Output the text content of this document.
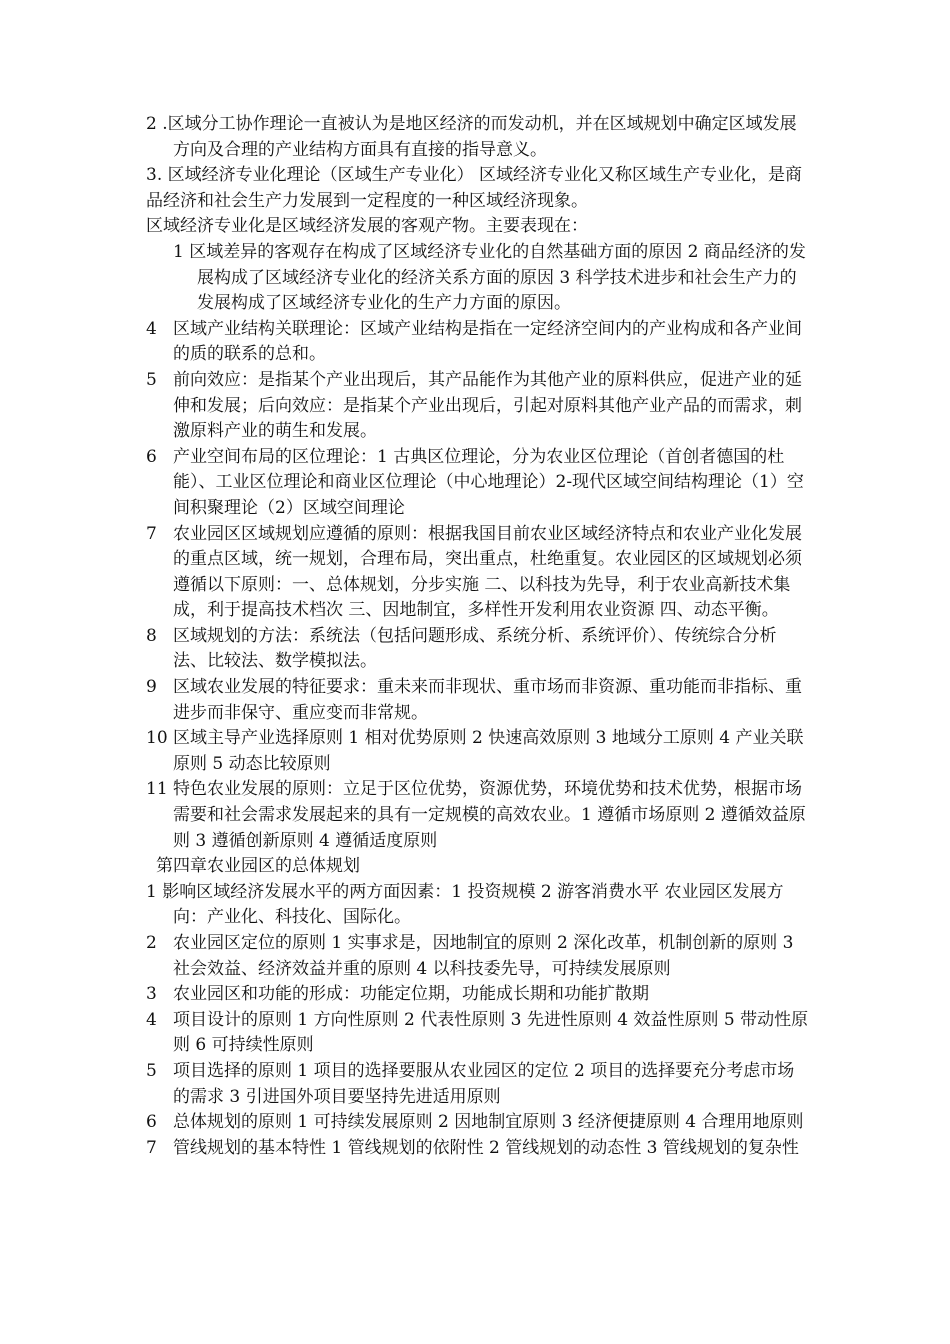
2 .区域分工协作理论一直被认为是地区经济的而发动机，并在区域规划中确定区域发展方向及合理的产业结构方面具有直接的指导意义。
3. 区域经济专业化理论（区域生产专业化） 区域经济专业化又称区域生产专业化，是商品经济和社会生产力发展到一定程度的一种区域经济现象。
区域经济专业化是区域经济发展的客观产物。主要表现在：
1 区域差异的客观存在构成了区域经济专业化的自然基础方面的原因 2 商品经济的发展构成了区域经济专业化的经济关系方面的原因 3 科学技术进步和社会生产力的发展构成了区域经济专业化的生产力方面的原因。
4 区域产业结构关联理论：区域产业结构是指在一定经济空间内的产业构成和各产业间的质的联系的总和。
5 前向效应：是指某个产业出现后，其产品能作为其他产业的原料供应，促进产业的延伸和发展；后向效应：是指某个产业出现后，引起对原料其他产业产品的而需求，刺激原料产业的萌生和发展。
6 产业空间布局的区位理论：1 古典区位理论，分为农业区位理论（首创者德国的杜能）、工业区位理论和商业区位理论（中心地理论）2-现代区域空间结构理论（1）空间积聚理论（2）区域空间理论
7 农业园区区域规划应遵循的原则：根据我国目前农业区域经济特点和农业产业化发展的重点区域，统一规划，合理布局，突出重点，杜绝重复。农业园区的区域规划必须遵循以下原则：一、总体规划，分步实施 二、以科技为先导，利于农业高新技术集成，利于提高技术档次 三、因地制宜，多样性开发利用农业资源 四、动态平衡。
8 区域规划的方法：系统法（包括问题形成、系统分析、系统评价）、传统综合分析法、比较法、数学模拟法。
9 区域农业发展的特征要求：重未来而非现状、重市场而非资源、重功能而非指标、重进步而非保守、重应变而非常规。
10 区域主导产业选择原则 1 相对优势原则 2 快速高效原则 3 地域分工原则 4 产业关联原则 5 动态比较原则
11 特色农业发展的原则：立足于区位优势，资源优势，环境优势和技术优势，根据市场需要和社会需求发展起来的具有一定规模的高效农业。1 遵循市场原则 2 遵循效益原则 3 遵循创新原则 4 遵循适度原则
第四章农业园区的总体规划
1 影响区域经济发展水平的两方面因素：1 投资规模 2 游客消费水平 农业园区发展方向：产业化、科技化、国际化。
2 农业园区定位的原则 1 实事求是，因地制宜的原则 2 深化改革，机制创新的原则 3 社会效益、经济效益并重的原则 4 以科技委先导，可持续发展原则
3 农业园区和功能的形成：功能定位期，功能成长期和功能扩散期
4 项目设计的原则 1 方向性原则 2 代表性原则 3 先进性原则 4 效益性原则 5 带动性原则 6 可持续性原则
5 项目选择的原则 1 项目的选择要服从农业园区的定位 2 项目的选择要充分考虑市场的需求 3 引进国外项目要坚持先进适用原则
6 总体规划的原则 1 可持续发展原则 2 因地制宜原则 3 经济便捷原则 4 合理用地原则
7 管线规划的基本特性 1 管线规划的依附性 2 管线规划的动态性 3 管线规划的复杂性
